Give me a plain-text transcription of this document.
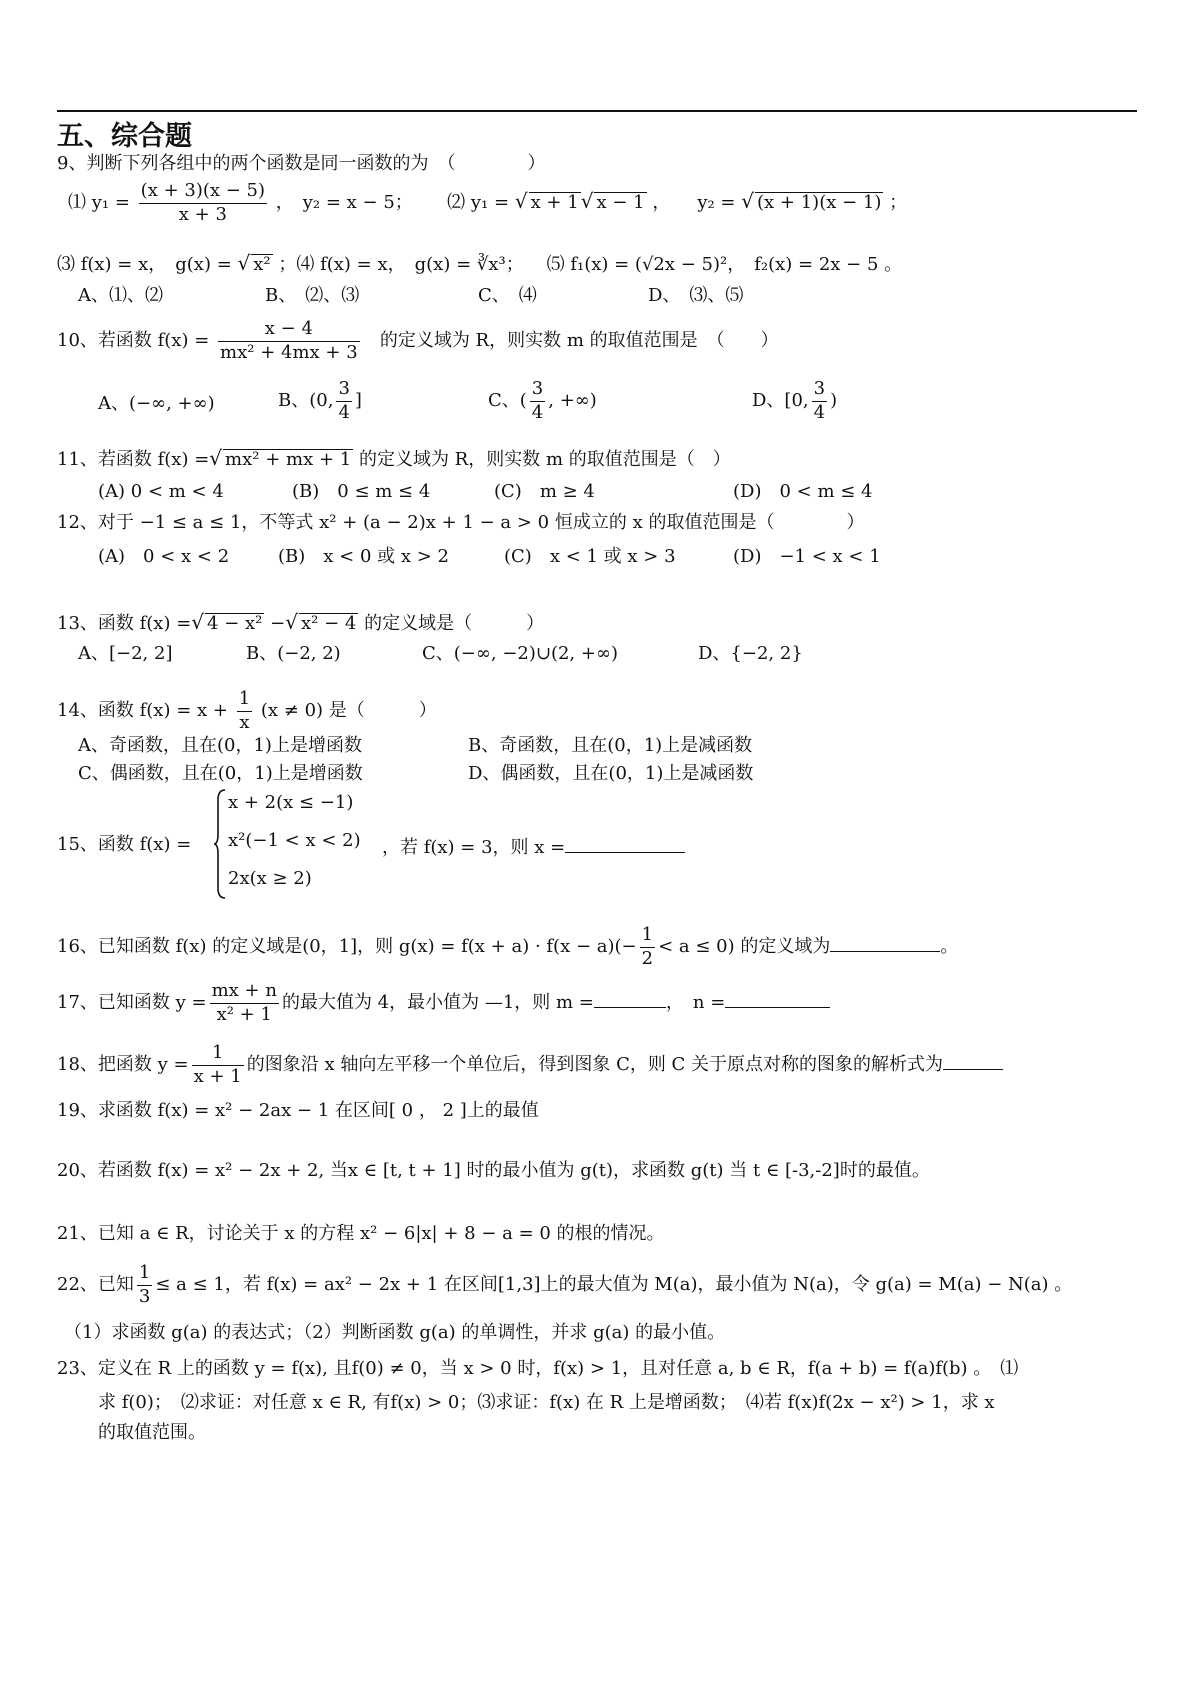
五、综合题
9、判断下列各组中的两个函数是同一函数的为　（　　　　）
⑴ $y_1 = \frac{(x + 3)(x - 5)}{x + 3}$ ，　y₂ = x − 5； ⑵ y₁ = √ x + 1 √ x − 1 ，　　y₂ = √ (x + 1)(x − 1) ；
⑶ f(x) = x，　g(x) = √ x² ；⑷ f(x) = x，　g(x) = ∛x³； ⑸ f₁(x) = (√2x − 5)²，　f₂(x) = 2x − 5 。
A、⑴、⑵	B、　⑵、⑶	C、　⑷	D、　⑶、⑸
10、若函数 $f(x) = \frac{x - 4}{\text{mx² + 4mx + 3}}$ 的定义域为 R，则实数 m 的取值范围是　（　　）
A、(−∞, +∞)	B、(0, $\frac{3}{4}$ ]	C、( $\frac{3}{4}$ , +∞)	D、[0, $\frac{3}{4}$ )
11、若函数 f(x) =√ mx² + mx + 1 的定义域为 R，则实数 m 的取值范围是（　）
(A) 0 < m < 4	(B)　0 ≤ m ≤ 4	(C)　m ≥ 4	(D)　0 < m ≤ 4
12、对于 −1 ≤ a ≤ 1，不等式 x² + (a − 2)x + 1 − a > 0 恒成立的 x 的取值范围是（　　　　）
(A)　0 < x < 2	(B)　x < 0 或 x > 2	(C)　x < 1 或 x > 3	(D)　−1 < x < 1
13、函数 f(x) =√ 4 − x² −√ x² − 4 的定义域是（　　　）
A、[−2, 2]	B、(−2, 2)	C、(−∞, −2)∪(2, +∞)	D、{−2, 2}
14、函数 $f(x) = x + \frac{1}{x} (x \ne 0)$ 是（　　　）
A、奇函数，且在(0，1)上是增函数	B、奇函数，且在(0，1)上是减函数
C、偶函数，且在(0，1)上是增函数	D、偶函数，且在(0，1)上是减函数
15、函数 f(x) =
x + 2(x ≤ −1)
x²(−1 < x < 2)
2x(x ≥ 2)
，若 f(x) = 3，则 x =
16、已知函数 f(x) 的定义域是(0，1]，则 $g(x) = f(x + a) \cdot f(x - a)(- \frac{1}{2} < a \le 0)$ 的定义域为	。
17、已知函数 $y = \frac{mx + n}{\text{x² + 1}}$ 的最大值为 4，最小值为 —1，则 m =	，　n =
18、把函数 $y = \frac{1}{x + 1}$ 的图象沿 x 轴向左平移一个单位后，得到图象 C，则 C 关于原点对称的图象的解析式为
19、求函数 f(x) = x² − 2ax − 1 在区间[ 0 ， 2 ]上的最值
20、若函数 f(x) = x² − 2x + 2, 当x ∈ [t, t + 1] 时的最小值为 g(t)，求函数 g(t) 当 t ∈ [-3,-2]时的最值。
21、已知 a ∈ R，讨论关于 x 的方程 x² − 6|x| + 8 − a = 0 的根的情况。
22、已知 $\frac{1}{3} \le a \le 1$，若 f(x) = ax² − 2x + 1 在区间[1,3]上的最大值为 M(a)，最小值为 N(a)，令 g(a) = M(a) − N(a) 。
（1）求函数 g(a) 的表达式；（2）判断函数 g(a) 的单调性，并求 g(a) 的最小值。
23、定义在 R 上的函数 y = f(x), 且f(0) ≠ 0，当 x > 0 时，f(x) > 1，且对任意 a, b ∈ R，f(a + b) = f(a)f(b) 。　⑴
求 f(0)；　⑵求证：对任意 x ∈ R, 有f(x) > 0；⑶求证：f(x) 在 R 上是增函数；　⑷若 f(x)f(2x − x²) > 1，求 x
的取值范围。
